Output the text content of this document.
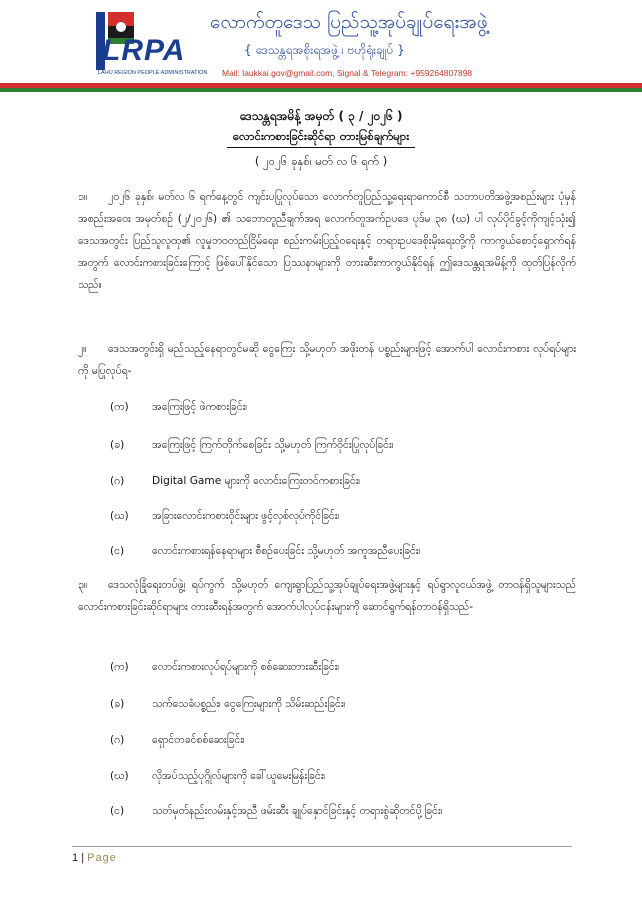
LRPA
LAHU REGION PEOPLE ADMINISTRATION
လောက်တူဒေသ ပြည်သူ့အုပ်ချုပ်ရေးအဖွဲ့
{ ဒေသန္တရအစိုးရအဖွဲ့ ၊ ဗဟိုရုံးချုပ် }
Mail: laukkai.gov@gmail.com, Signal & Telegram: +959264807898
ဒေသန္တရအမိန့် အမှတ် ( ၃ / ၂၀၂၆ )
လောင်းကစားခြင်းဆိုင်ရာ တားမြစ်ချက်များ
( ၂၀၂၆ ခုနှစ်၊ မတ် လ ၆ ရက် )
၁။ ၂၀၂၆ ခုနှစ်၊ မတ်လ ၆ ရက်နေ့တွင် ကျင်းပပြုလုပ်သော လောက်တူပြည်သူ့ရေးရာကောင်စီ သဘာပတိအဖွဲ့အစည်းများ ပုံမှန်အစည်းအဝေး အမှတ်စဉ် (၂/၂၀၂၆) ၏ သဘောတူညီချက်အရ လောက်တူအက်ဥပဒေ ပုဒ်မ ၃၈ (ဃ) ပါ လုပ်ပိုင်ခွင့်ကိုကျင့်သုံး၍ ဒေသအတွင်း ပြည်သူလူထု၏ လူမှုဘဝတည်ငြိမ်ရေး၊ စည်းကမ်းပြည့်ဝရေးနှင့် တရားဥပဒေစိုးမိုးရေးတို့ကို ကာကွယ်စောင့်ရှောက်ရန်အတွက် လောင်းကစားခြင်းကြောင့် ဖြစ်ပေါ်နိုင်သော ပြဿနာများကို တားဆီးကာကွယ်နိုင်ရန် ဤဒေသန္တရအမိန့်ကို ထုတ်ပြန်လိုက်သည်။
၂။ ဒေသအတွင်းရှိ မည်သည့်နေရာတွင်မဆို ငွေကြေး သို့မဟုတ် အဖိုးတန် ပစ္စည်းများဖြင့် အောက်ပါ လောင်းကစား လုပ်ရပ်များကို မပြုလုပ်ရ-
(က) အကြေးဖြင့် ဖဲကစားခြင်း၊
(ခ)	အကြေးဖြင့် ကြက်တိုက်စေခြင်း သို့မဟုတ် ကြက်ဝိုင်းပြုလုပ်ခြင်း၊
(ဂ)	Digital Game များကို လောင်းကြေးတင်ကစားခြင်း၊
(ဃ) အခြားလောင်းကစားဝိုင်းများ ဖွင့်လှစ်လုပ်ကိုင်ခြင်း၊
(င)	လောင်းကစားရန်နေရာများ စီစဉ်ပေးခြင်း သို့မဟုတ် အကူအညီပေးခြင်း၊
၃။ ဒေသလုံခြုံရေးတပ်ဖွဲ့၊ ရပ်ကွက် သို့မဟုတ် ကျေးရွာပြည်သူ့အုပ်ချုပ်ရေးအဖွဲ့များနှင့် ရပ်ရွာလူငယ်အဖွဲ့ တာဝန်ရှိသူများသည် လောင်းကစားခြင်းဆိုင်ရာများ တားဆီးရန်အတွက် အောက်ပါလုပ်ငန်းများကို ဆောင်ရွက်ရန်တာဝန်ရှိသည်-
(က) လောင်းကစားလုပ်ရပ်များကို စစ်ဆေးတားဆီးခြင်း၊
(ခ)	သက်သေခံပစ္စည်း၊ ငွေကြေးများကို သိမ်းဆည်းခြင်း၊
(ဂ)	ရှောင်တခင်စစ်ဆေးခြင်း၊
(ဃ) လိုအပ်သည့်ပုဂ္ဂိုလ်များကို ခေါ်ယူမေးမြန်းခြင်း၊
(င)	သတ်မှတ်နည်းလမ်းနှင့်အညီ ဖမ်းဆီး ချုပ်နှောင်ခြင်းနှင့် တရားစွဲဆိုတင်ပို့ခြင်း၊
1 | Page
